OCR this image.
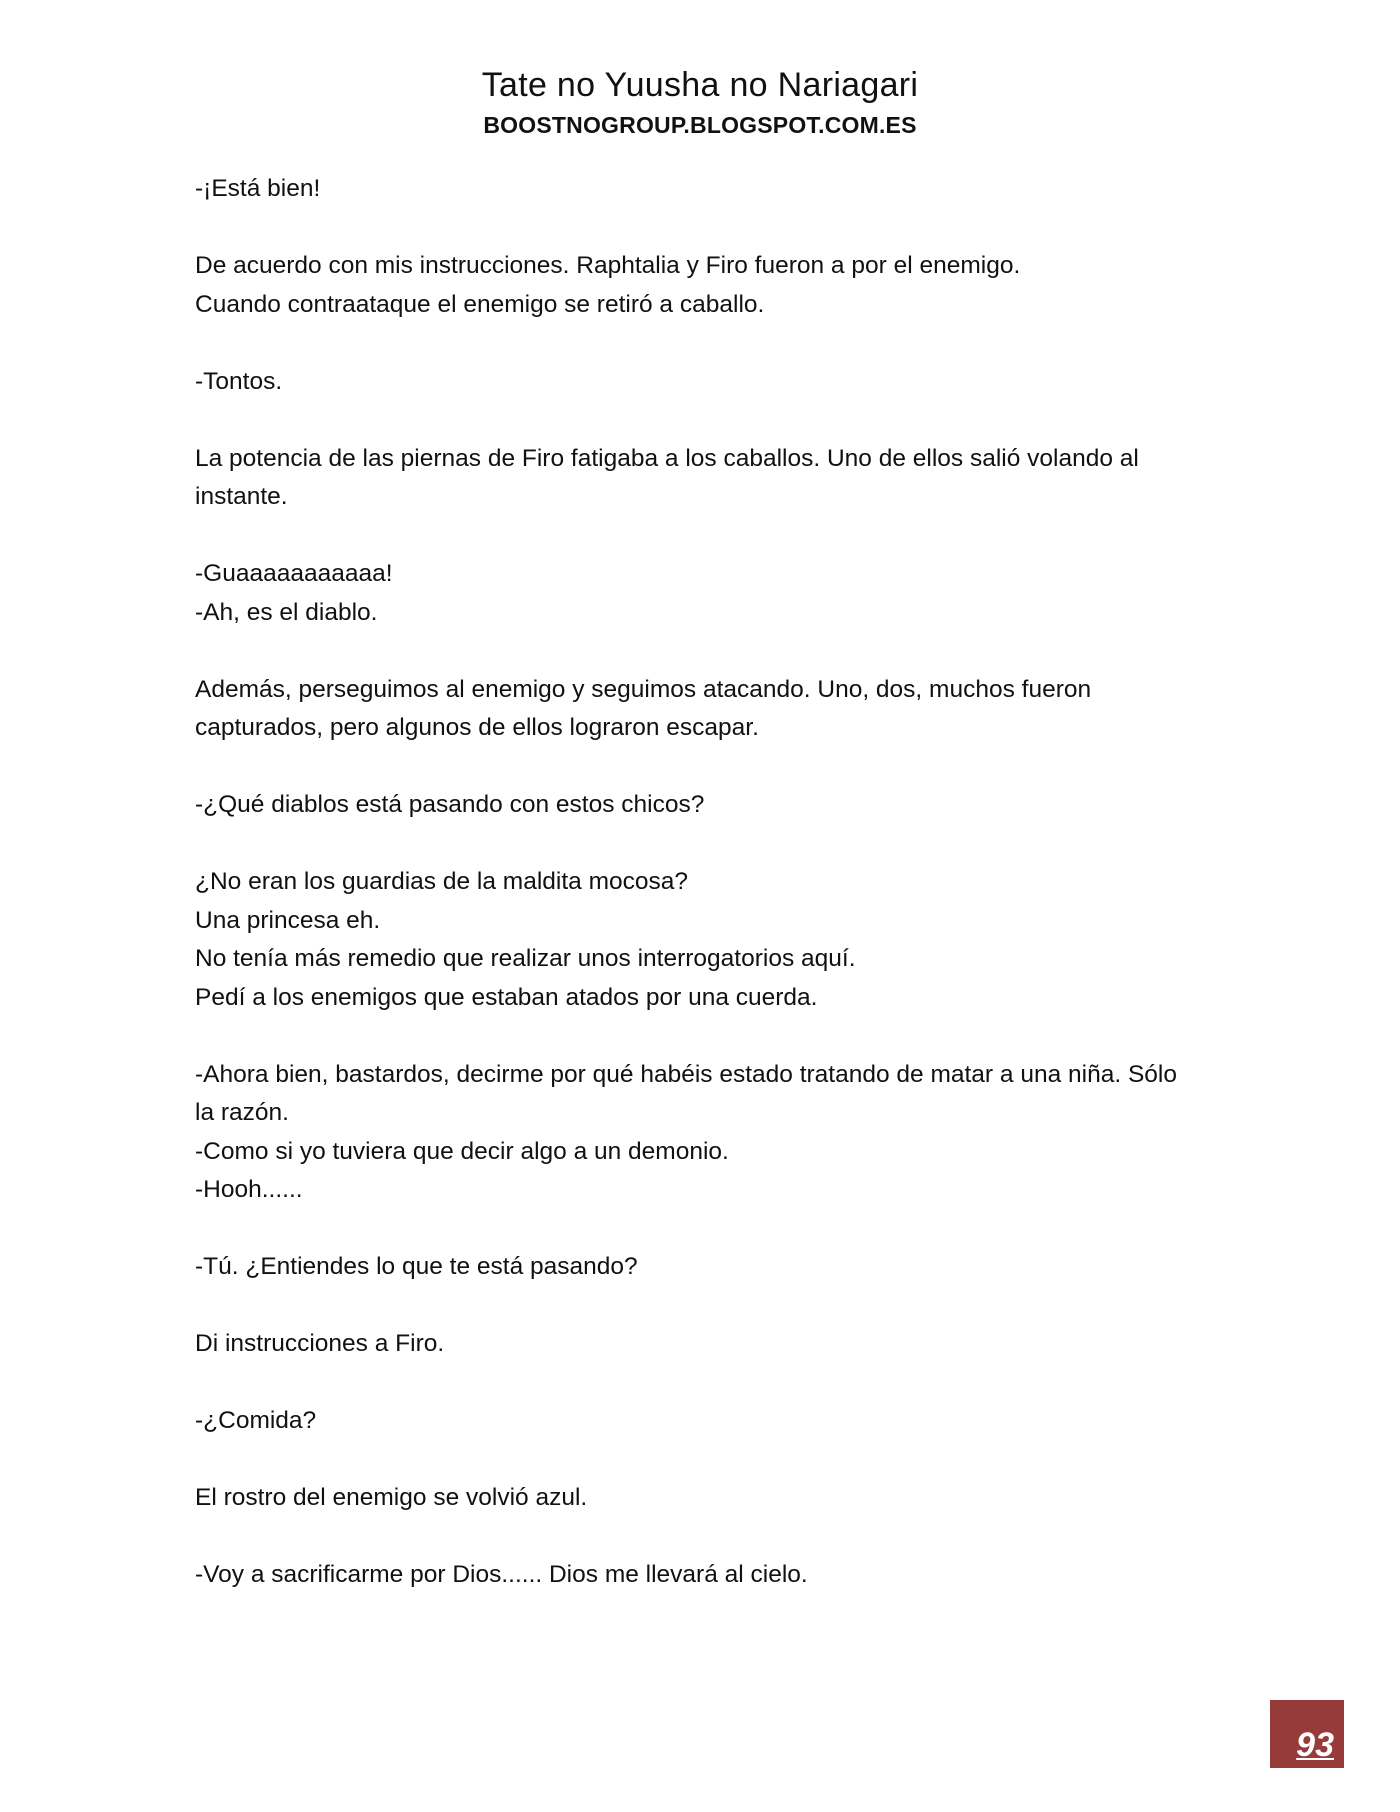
Tate no Yuusha no Nariagari
BOOSTNOGROUP.BLOGSPOT.COM.ES

-¡Está bien!

De acuerdo con mis instrucciones. Raphtalia y Firo fueron a por el enemigo.
Cuando contraataque el enemigo se retiró a caballo.

-Tontos.

La potencia de las piernas de Firo fatigaba a los caballos. Uno de ellos salió volando al
instante.

-Guaaaaaaaaaaa!
-Ah, es el diablo.

Además, perseguimos al enemigo y seguimos atacando. Uno, dos, muchos fueron
capturados, pero algunos de ellos lograron escapar.

-¿Qué diablos está pasando con estos chicos?

¿No eran los guardias de la maldita mocosa?
Una princesa eh.
No tenía más remedio que realizar unos interrogatorios aquí.
Pedí a los enemigos que estaban atados por una cuerda.

-Ahora bien, bastardos, decirme por qué habéis estado tratando de matar a una niña. Sólo
la razón.
-Como si yo tuviera que decir algo a un demonio.
-Hooh......

-Tú. ¿Entiendes lo que te está pasando?

Di instrucciones a Firo.

-¿Comida?

El rostro del enemigo se volvió azul.

-Voy a sacrificarme por Dios...... Dios me llevará al cielo.

93
